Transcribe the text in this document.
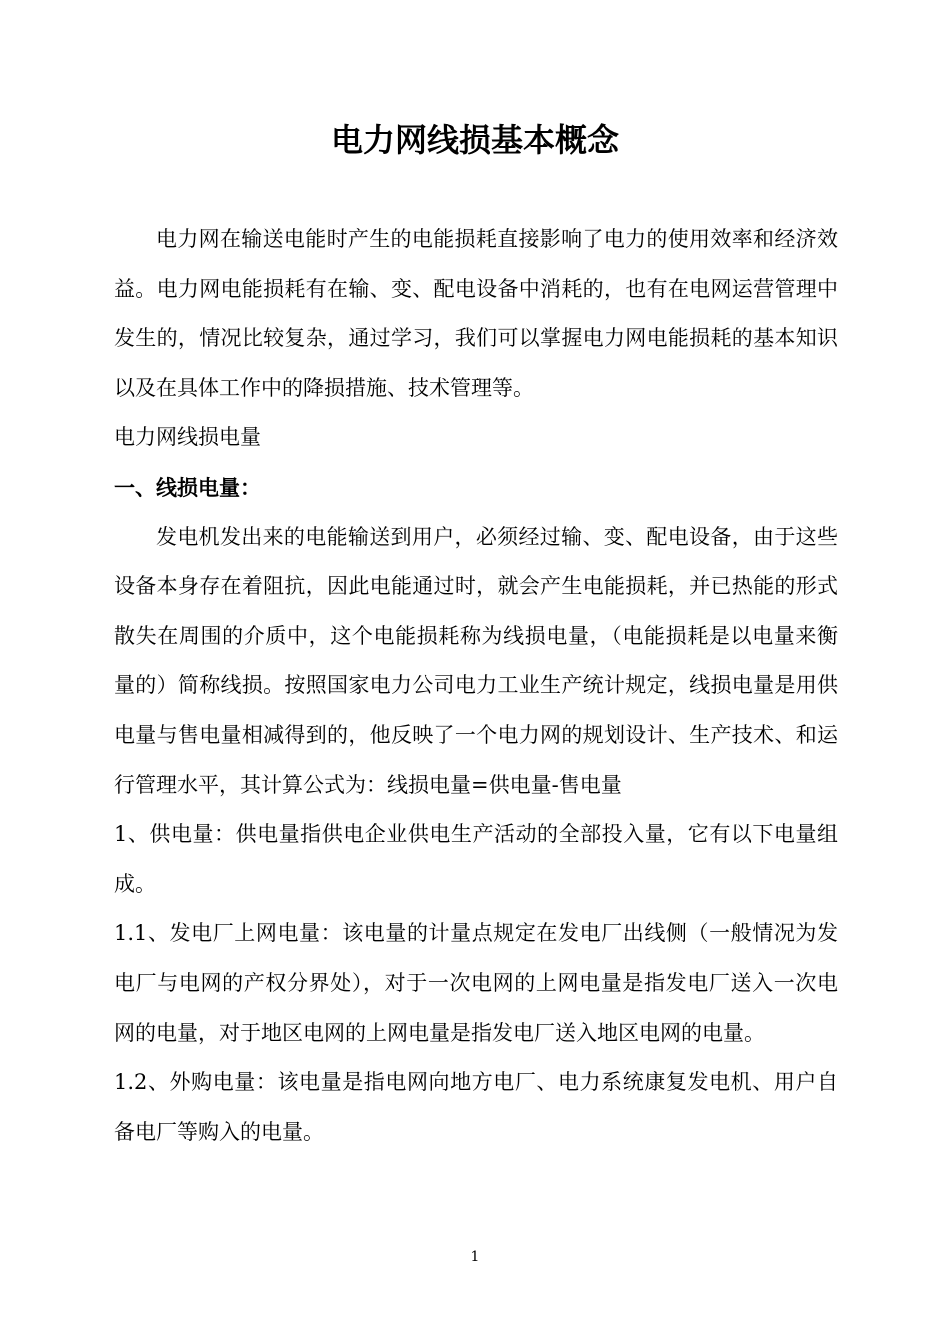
电力网线损基本概念

电力网在输送电能时产生的电能损耗直接影响了电力的使用效率和经济效益。电力网电能损耗有在输、变、配电设备中消耗的，也有在电网运营管理中发生的，情况比较复杂，通过学习，我们可以掌握电力网电能损耗的基本知识以及在具体工作中的降损措施、技术管理等。

电力网线损电量

一、线损电量：

发电机发出来的电能输送到用户，必须经过输、变、配电设备，由于这些设备本身存在着阻抗，因此电能通过时，就会产生电能损耗，并已热能的形式散失在周围的介质中，这个电能损耗称为线损电量，（电能损耗是以电量来衡量的）简称线损。按照国家电力公司电力工业生产统计规定，线损电量是用供电量与售电量相减得到的，他反映了一个电力网的规划设计、生产技术、和运行管理水平，其计算公式为：线损电量=供电量-售电量

1、供电量：供电量指供电企业供电生产活动的全部投入量，它有以下电量组成。

1.1、发电厂上网电量：该电量的计量点规定在发电厂出线侧（一般情况为发电厂与电网的产权分界处），对于一次电网的上网电量是指发电厂送入一次电网的电量，对于地区电网的上网电量是指发电厂送入地区电网的电量。

1.2、外购电量：该电量是指电网向地方电厂、电力系统康复发电机、用户自备电厂等购入的电量。

1
